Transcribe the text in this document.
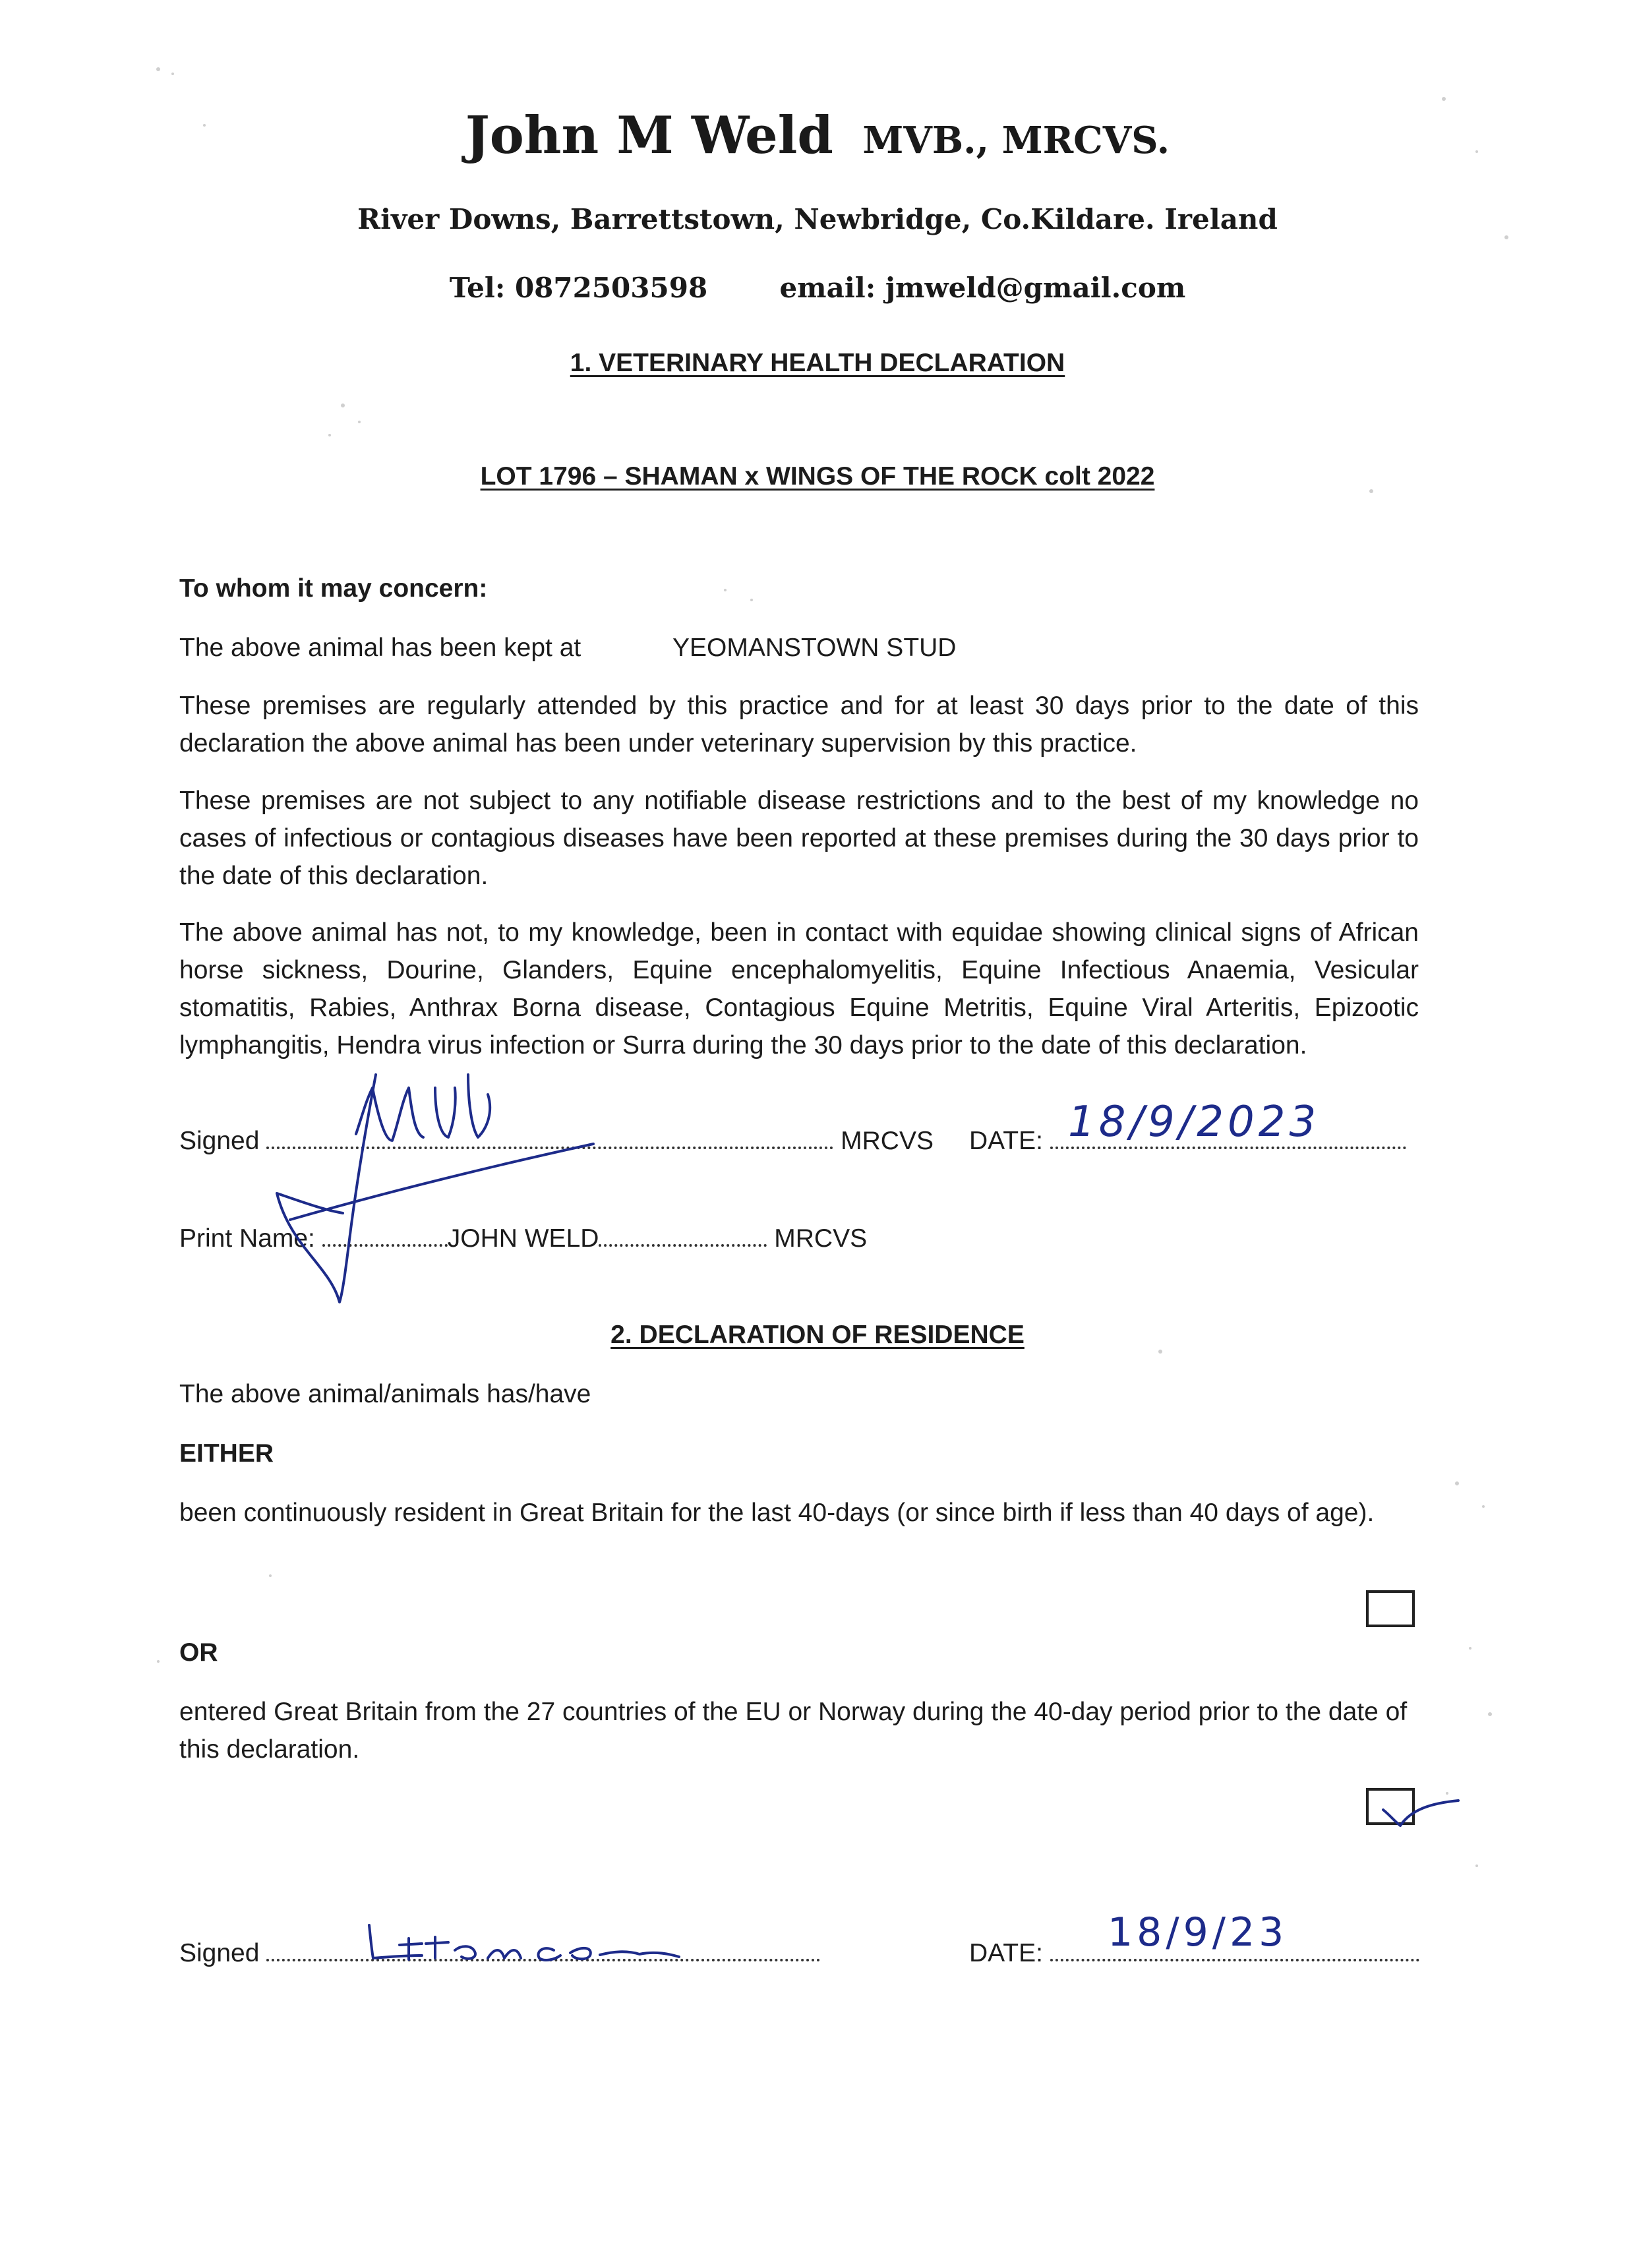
John M Weld MVB., MRCVS.
River Downs, Barrettstown, Newbridge, Co.Kildare. Ireland
Tel: 0872503598	email: jmweld@gmail.com
1. VETERINARY HEALTH DECLARATION
LOT 1796 – SHAMAN x WINGS OF THE ROCK colt 2022
To whom it may concern:
The above animal has been kept at	YEOMANSTOWN STUD
These premises are regularly attended by this practice and for at least 30 days prior to the date of this declaration the above animal has been under veterinary supervision by this practice.
These premises are not subject to any notifiable disease restrictions and to the best of my knowledge no cases of infectious or contagious diseases have been reported at these premises during the 30 days prior to the date of this declaration.
The above animal has not, to my knowledge, been in contact with equidae showing clinical signs of African horse sickness, Dourine, Glanders, Equine encephalomyelitis, Equine Infectious Anaemia, Vesicular stomatitis, Rabies, Anthrax Borna disease, Contagious Equine Metritis, Equine Viral Arteritis, Epizootic lymphangitis, Hendra virus infection or Surra during the 30 days prior to the date of this declaration.
Signed	MRCVS DATE: 18/9/2023
Print Name:	JOHN WELD	MRCVS
2. DECLARATION OF RESIDENCE
The above animal/animals has/have
EITHER
been continuously resident in Great Britain for the last 40-days (or since birth if less than 40 days of age).
OR
entered Great Britain from the 27 countries of the EU or Norway during the 40-day period prior to the date of this declaration.
Signed	DATE:	18/9/23
